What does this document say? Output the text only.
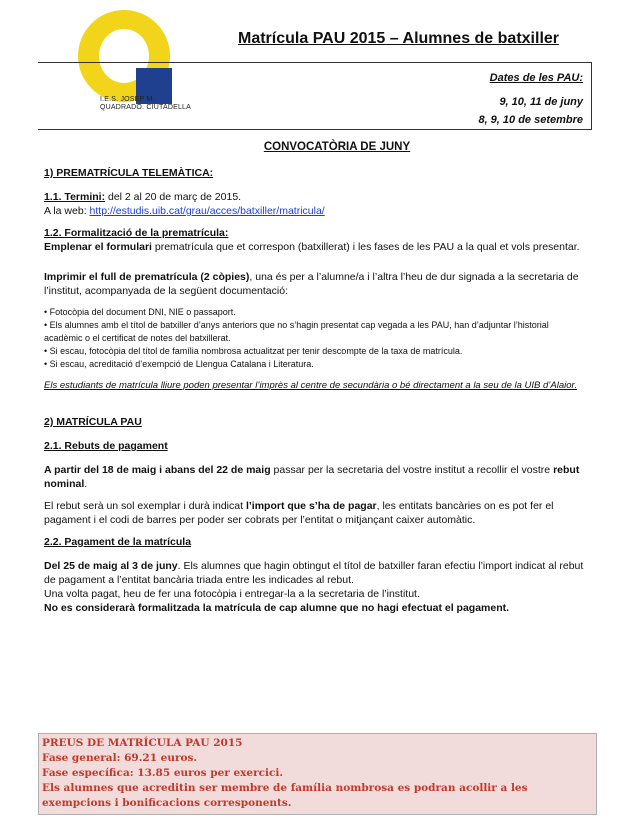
I.E.S. JOSEP M.
QUADRADO. CIUTADELLA
Matrícula PAU 2015 – Alumnes de batxiller
Dates de les PAU:
9, 10, 11 de juny
8, 9, 10 de setembre
CONVOCATÒRIA DE JUNY
1) PREMATRÍCULA TELEMÀTICA:

1.1. Termini: del 2 al 20 de març de 2015.

A la web: http://estudis.uib.cat/grau/acces/batxiller/matricula/

1.2. Formalització de la prematrícula:

Emplenar el formulari prematrícula que et correspon (batxillerat) i les fases de les PAU a la qual et vols presentar.

Imprimir el full de prematrícula (2 còpies), una és per a l’alumne/a i l’altra l’heu de dur signada a la secretaria de l’institut, acompanyada de la següent documentació:

• Fotocòpia del document DNI, NIE o passaport.
• Els alumnes amb el títol de batxiller d’anys anteriors que no s’hagin presentat cap vegada a les PAU, han d’adjuntar l’historial acadèmic o el certificat de notes del batxillerat.
• Si escau, fotocòpia del títol de família nombrosa actualitzat per tenir descompte de la taxa de matrícula.
• Si escau, acreditació d’exempció de Llengua Catalana i Literatura.

Els estudiants de matrícula lliure poden presentar l’imprès al centre de secundària o bé directament a la seu de la UIB d’Alaior.

2) MATRÍCULA PAU
2.1. Rebuts de pagament

A partir del 18 de maig i abans del 22 de maig passar per la secretaria del vostre institut a recollir el vostre rebut nominal.

El rebut serà un sol exemplar i durà indicat l’import que s’ha de pagar, les entitats bancàries on es pot fer el pagament i el codi de barres per poder ser cobrats per l’entitat o mitjançant caixer automàtic.

2.2. Pagament de la matrícula

Del 25 de maig al 3 de juny. Els alumnes que hagin obtingut el títol de batxiller faran efectiu l’import indicat al rebut de pagament a l’entitat bancària triada entre les indicades al rebut.

Una volta pagat, heu de fer una fotocòpia i entregar-la a la secretaria de l’institut.

No es considerarà formalitzada la matrícula de cap alumne que no hagi efectuat el pagament.

PREUS DE MATRÍCULA PAU 2015
Fase general: 69.21 euros.
Fase específica: 13.85 euros per exercici.
Els alumnes que acreditin ser membre de família nombrosa es podran acollir a les exempcions i bonificacions corresponents.
